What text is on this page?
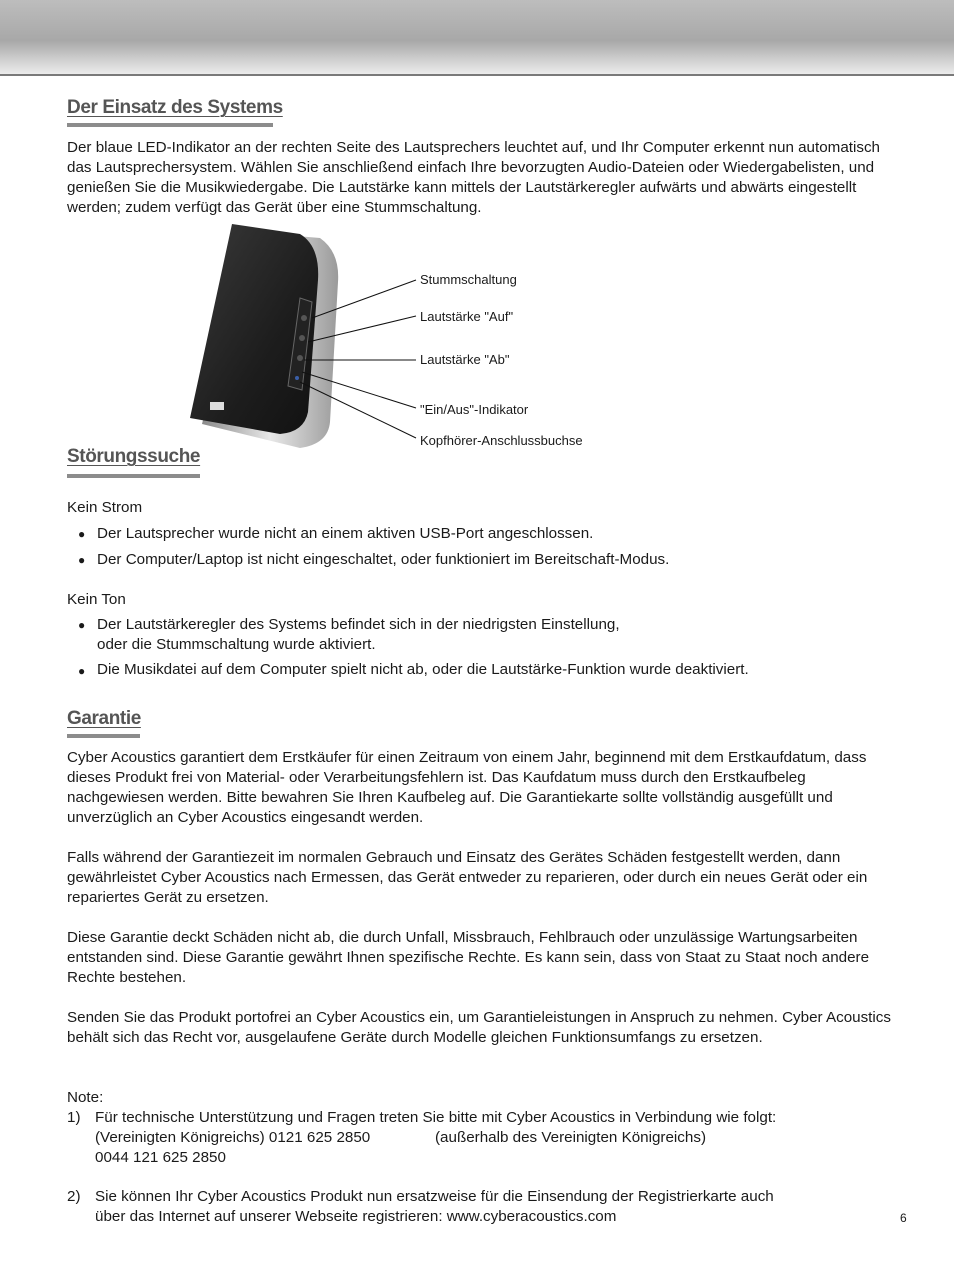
Der Einsatz des Systems

Der blaue LED-Indikator an der rechten Seite des Lautsprechers leuchtet auf, und Ihr Computer erkennt nun automatisch das Lautsprechersystem. Wählen Sie anschließend einfach Ihre bevorzugten Audio-Dateien oder Wiedergabelisten, und genießen Sie die Musikwiedergabe. Die Lautstärke kann mittels der Lautstärkeregler aufwärts und abwärts eingestellt werden; zudem verfügt das Gerät über eine Stummschaltung.

Stummschaltung
Lautstärke "Auf"
Lautstärke "Ab"
"Ein/Aus"-Indikator
Kopfhörer-Anschlussbuchse
Störungssuche
Kein Strom
● Der Lautsprecher wurde nicht an einem aktiven USB-Port angeschlossen.
● Der Computer/Laptop ist nicht eingeschaltet, oder funktioniert im Bereitschaft-Modus.
Kein Ton
● Der Lautstärkeregler des Systems befindet sich in der niedrigsten Einstellung,
oder die Stummschaltung wurde aktiviert.
● Die Musikdatei auf dem Computer spielt nicht ab, oder die Lautstärke-Funktion wurde deaktiviert.
Garantie

Cyber Acoustics garantiert dem Erstkäufer für einen Zeitraum von einem Jahr, beginnend mit dem Erstkaufdatum, dass dieses Produkt frei von Material- oder Verarbeitungsfehlern ist. Das Kaufdatum muss durch den Erstkaufbeleg nachgewiesen werden. Bitte bewahren Sie Ihren Kaufbeleg auf. Die Garantiekarte sollte vollständig ausgefüllt und unverzüglich an Cyber Acoustics eingesandt werden.

Falls während der Garantiezeit im normalen Gebrauch und Einsatz des Gerätes Schäden festgestellt werden, dann gewährleistet Cyber Acoustics nach Ermessen, das Gerät entweder zu reparieren, oder durch ein neues Gerät oder ein repariertes Gerät zu ersetzen.

Diese Garantie deckt Schäden nicht ab, die durch Unfall, Missbrauch, Fehlbrauch oder unzulässige Wartungsarbeiten entstanden sind. Diese Garantie gewährt Ihnen spezifische Rechte. Es kann sein, dass von Staat zu Staat noch andere Rechte bestehen.

Senden Sie das Produkt portofrei an Cyber Acoustics ein, um Garantieleistungen in Anspruch zu nehmen. Cyber Acoustics behält sich das Recht vor, ausgelaufene Geräte durch Modelle gleichen Funktionsumfangs zu ersetzen.

Note:
1) Für technische Unterstützung und Fragen treten Sie bitte mit Cyber Acoustics in Verbindung wie folgt:
(Vereinigten Königreichs) 0121 625 2850	(außerhalb des Vereinigten Königreichs)
0044 121 625 2850
2) Sie können Ihr Cyber Acoustics Produkt nun ersatzweise für die Einsendung der Registrierkarte auch
über das Internet auf unserer Webseite registrieren: www.cyberacoustics.com	6
